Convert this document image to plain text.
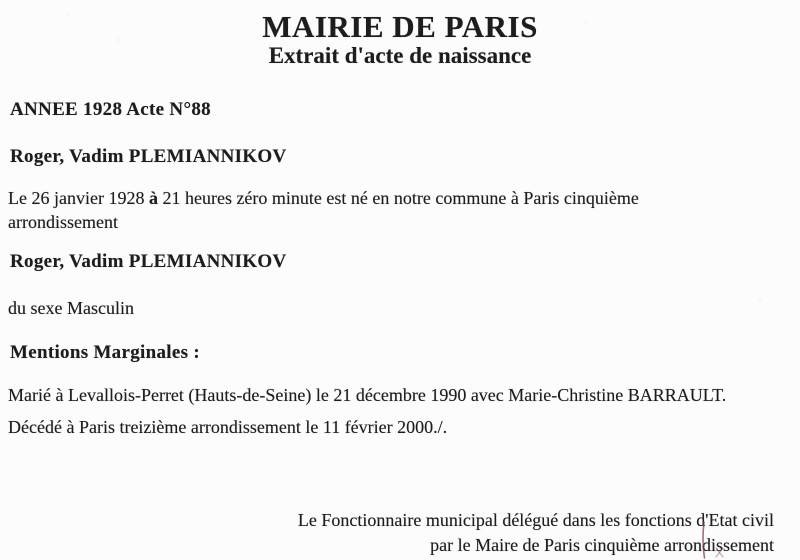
MAIRIE DE PARIS
Extrait d'acte de naissance

ANNEE 1928 Acte N°88

Roger, Vadim PLEMIANNIKOV

Le 26 janvier 1928 à 21 heures zéro minute est né en notre commune à Paris cinquième arrondissement

Roger, Vadim PLEMIANNIKOV

du sexe Masculin

Mentions Marginales :

Marié à Levallois-Perret (Hauts-de-Seine) le 21 décembre 1990 avec Marie-Christine BARRAULT.

Décédé à Paris treizième arrondissement le 11 février 2000./.

Le Fonctionnaire municipal délégué dans les fonctions d'Etat civil

par le Maire de Paris cinquième arrondissement
